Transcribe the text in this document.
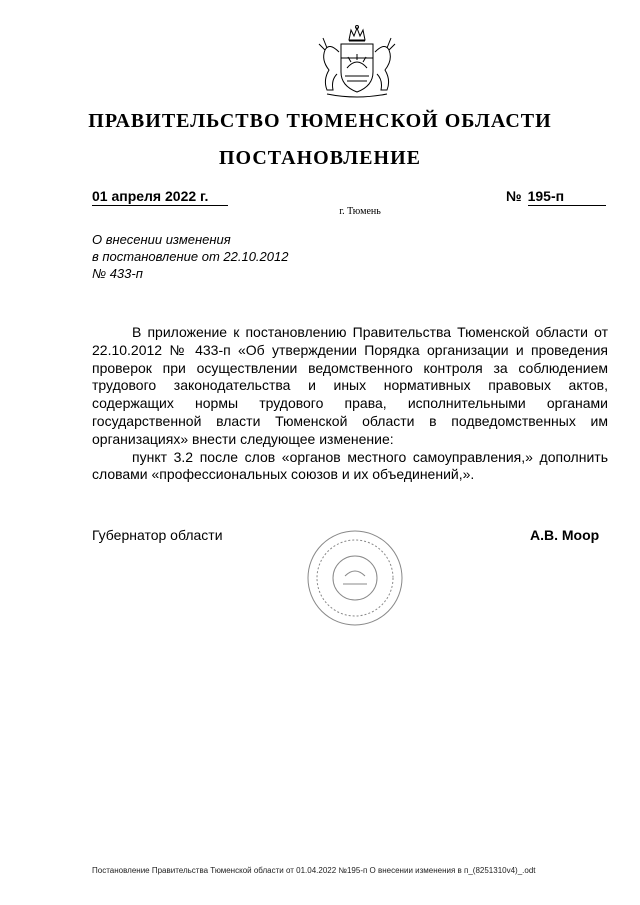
ПРАВИТЕЛЬСТВО ТЮМЕНСКОЙ ОБЛАСТИ
ПОСТАНОВЛЕНИЕ
01 апреля 2022 г.	№ 195-п
г. Тюмень
О внесении изменения
в постановление от 22.10.2012
№ 433-п

В приложение к постановлению Правительства Тюменской области от 22.10.2012 № 433-п «Об утверждении Порядка организации и проведения проверок при осуществлении ведомственного контроля за соблюдением трудового законодательства и иных нормативных правовых актов, содержащих нормы трудового права, исполнительными органами государственной власти Тюменской области в подведомственных им организациях» внести следующее изменение:

пункт 3.2 после слов «органов местного самоуправления,» дополнить словами «профессиональных союзов и их объединений,».

Губернатор области	А.В. Моор
Постановление Правительства Тюменской области от 01.04.2022 №195-п О внесении изменения в п_(8251310v4)_.odt
